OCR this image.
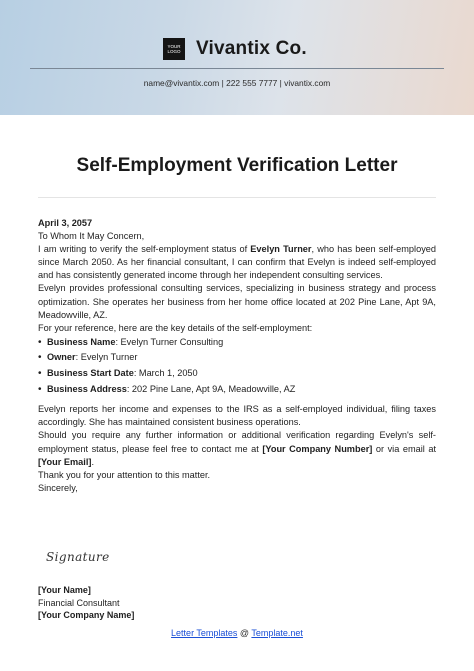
YOUR LOGO Vivantix Co.
name@vivantix.com | 222 555 7777 | vivantix.com
Self-Employment Verification Letter

April 3, 2057

To Whom It May Concern,

I am writing to verify the self-employment status of Evelyn Turner, who has been self-employed since March 2050. As her financial consultant, I can confirm that Evelyn is indeed self-employed and has consistently generated income through her independent consulting services.

Evelyn provides professional consulting services, specializing in business strategy and process optimization. She operates her business from her home office located at 202 Pine Lane, Apt 9A, Meadowville, AZ.

For your reference, here are the key details of the self-employment:

• Business Name: Evelyn Turner Consulting
• Owner: Evelyn Turner
• Business Start Date: March 1, 2050
• Business Address: 202 Pine Lane, Apt 9A, Meadowville, AZ

Evelyn reports her income and expenses to the IRS as a self-employed individual, filing taxes accordingly. She has maintained consistent business operations.

Should you require any further information or additional verification regarding Evelyn's self-employment status, please feel free to contact me at [Your Company Number] or via email at [Your Email].

Thank you for your attention to this matter.

Sincerely,

Signature
[Your Name]
Financial Consultant
[Your Company Name]
Letter Templates @ Template.net
